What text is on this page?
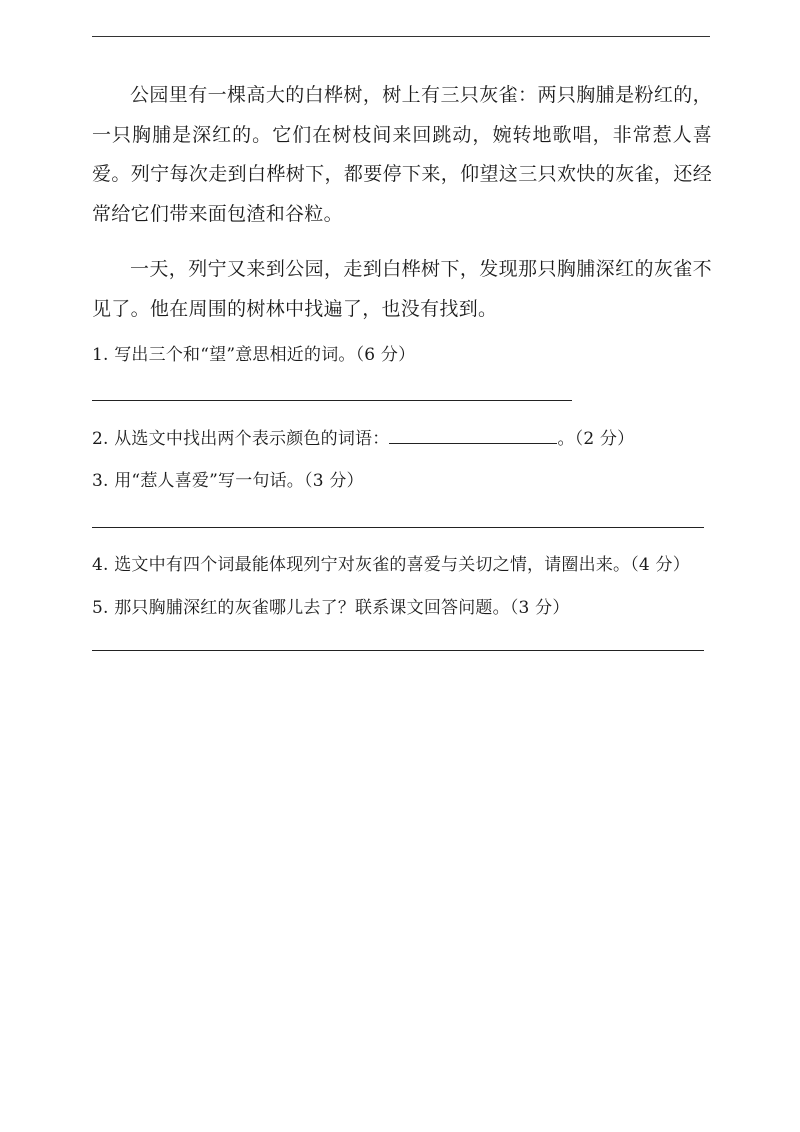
公园里有一棵高大的白桦树，树上有三只灰雀：两只胸脯是粉红的，一只胸脯是深红的。它们在树枝间来回跳动，婉转地歌唱，非常惹人喜爱。列宁每次走到白桦树下，都要停下来，仰望这三只欢快的灰雀，还经常给它们带来面包渣和谷粒。

一天，列宁又来到公园，走到白桦树下，发现那只胸脯深红的灰雀不见了。他在周围的树林中找遍了，也没有找到。

1. 写出三个和“望”意思相近的词。（6 分）

2. 从选文中找出两个表示颜色的词语：	。（2 分）

3. 用“惹人喜爱”写一句话。（3 分）

4. 选文中有四个词最能体现列宁对灰雀的喜爱与关切之情，请圈出来。（4 分）

5. 那只胸脯深红的灰雀哪儿去了？联系课文回答问题。（3 分）
